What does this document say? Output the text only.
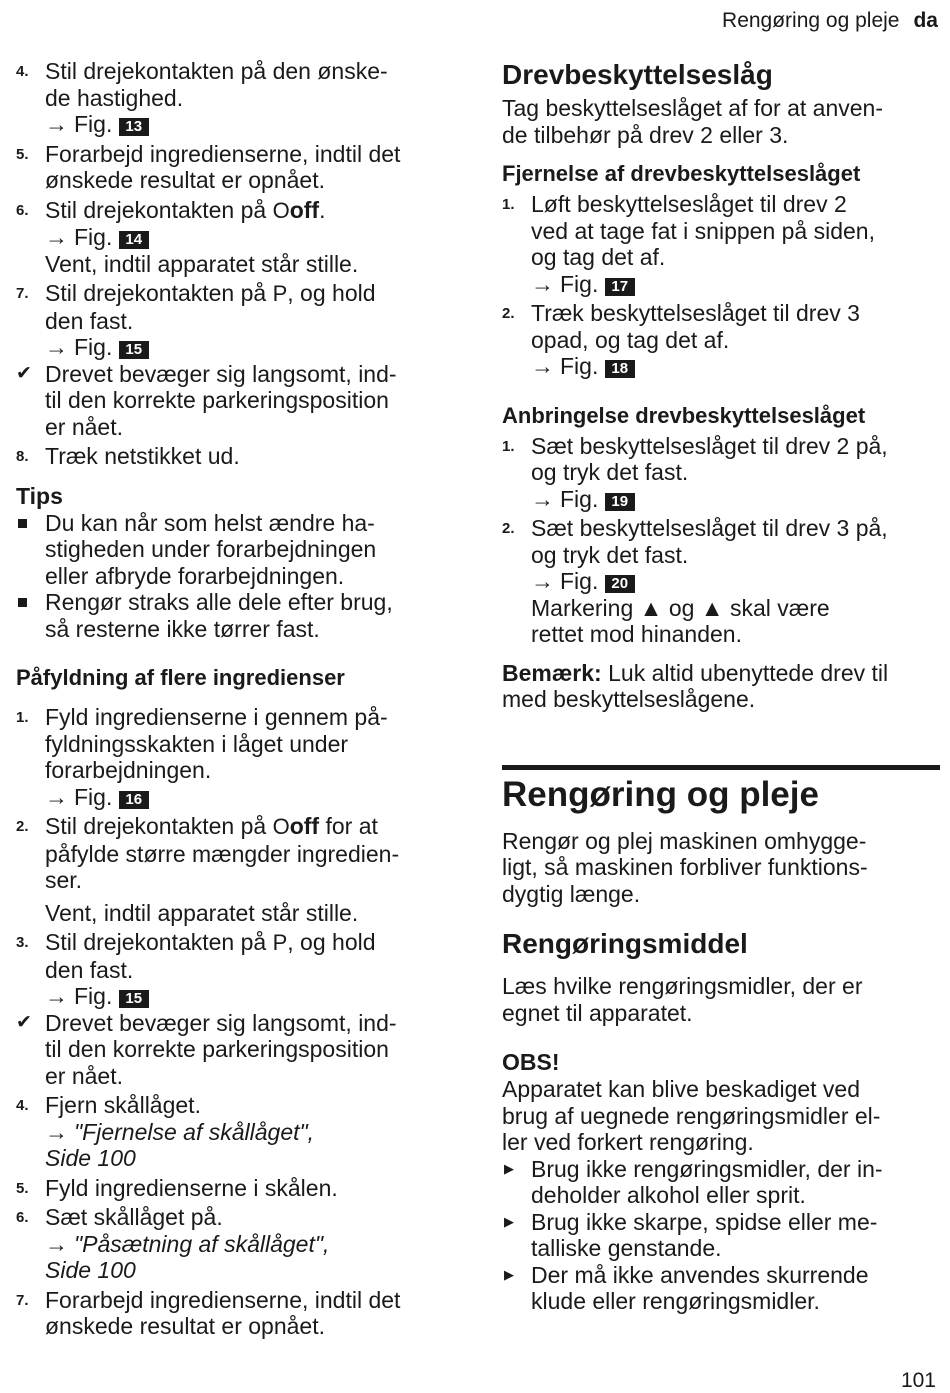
Rengøring og pleje da
4. Stil drejekontakten på den ønske-
de hastighed.
→ Fig. 13
5. Forarbejd ingredienserne, indtil det
ønskede resultat er opnået.
6. Stil drejekontakten på Ooff.
→ Fig. 14
Vent, indtil apparatet står stille.
7. Stil drejekontakten på P, og hold
den fast.
→ Fig. 15
✔ Drevet bevæger sig langsomt, ind-
til den korrekte parkeringsposition
er nået.
8. Træk netstikket ud.
Tips
Du kan når som helst ændre ha-
stigheden under forarbejdningen
eller afbryde forarbejdningen.
Rengør straks alle dele efter brug,
så resterne ikke tørrer fast.
Påfyldning af flere ingredienser
1. Fyld ingredienserne i gennem på-
fyldningsskakten i låget under
forarbejdningen.
→ Fig. 16
2. Stil drejekontakten på Ooff for at
påfylde større mængder ingredien-
ser.
Vent, indtil apparatet står stille.
3. Stil drejekontakten på P, og hold
den fast.
→ Fig. 15
✔ Drevet bevæger sig langsomt, ind-
til den korrekte parkeringsposition
er nået.
4. Fjern skållåget.
→ "Fjernelse af skållåget",
Side 100
5. Fyld ingredienserne i skålen.
6. Sæt skållåget på.
→ "Påsætning af skållåget",
Side 100
7. Forarbejd ingredienserne, indtil det
ønskede resultat er opnået.
Drevbeskyttelseslåg
Tag beskyttelseslåget af for at anven-
de tilbehør på drev 2 eller 3.
Fjernelse af drevbeskyttelseslåget
1. Løft beskyttelseslåget til drev 2
ved at tage fat i snippen på siden,
og tag det af.
→ Fig. 17
2. Træk beskyttelseslåget til drev 3
opad, og tag det af.
→ Fig. 18
Anbringelse drevbeskyttelseslåget
1. Sæt beskyttelseslåget til drev 2 på,
og tryk det fast.
→ Fig. 19
2. Sæt beskyttelseslåget til drev 3 på,
og tryk det fast.
→ Fig. 20
Markering ▲ og ▲ skal være
rettet mod hinanden.
Bemærk: Luk altid ubenyttede drev til
med beskyttelseslågene.
Rengøring og pleje
Rengør og plej maskinen omhygge-
ligt, så maskinen forbliver funktions-
dygtig længe.
Rengøringsmiddel
Læs hvilke rengøringsmidler, der er
egnet til apparatet.
OBS!
Apparatet kan blive beskadiget ved
brug af uegnede rengøringsmidler el-
ler ved forkert rengøring.
▶ Brug ikke rengøringsmidler, der in-
deholder alkohol eller sprit.
▶ Brug ikke skarpe, spidse eller me-
talliske genstande.
▶ Der må ikke anvendes skurrende
klude eller rengøringsmidler.
101
